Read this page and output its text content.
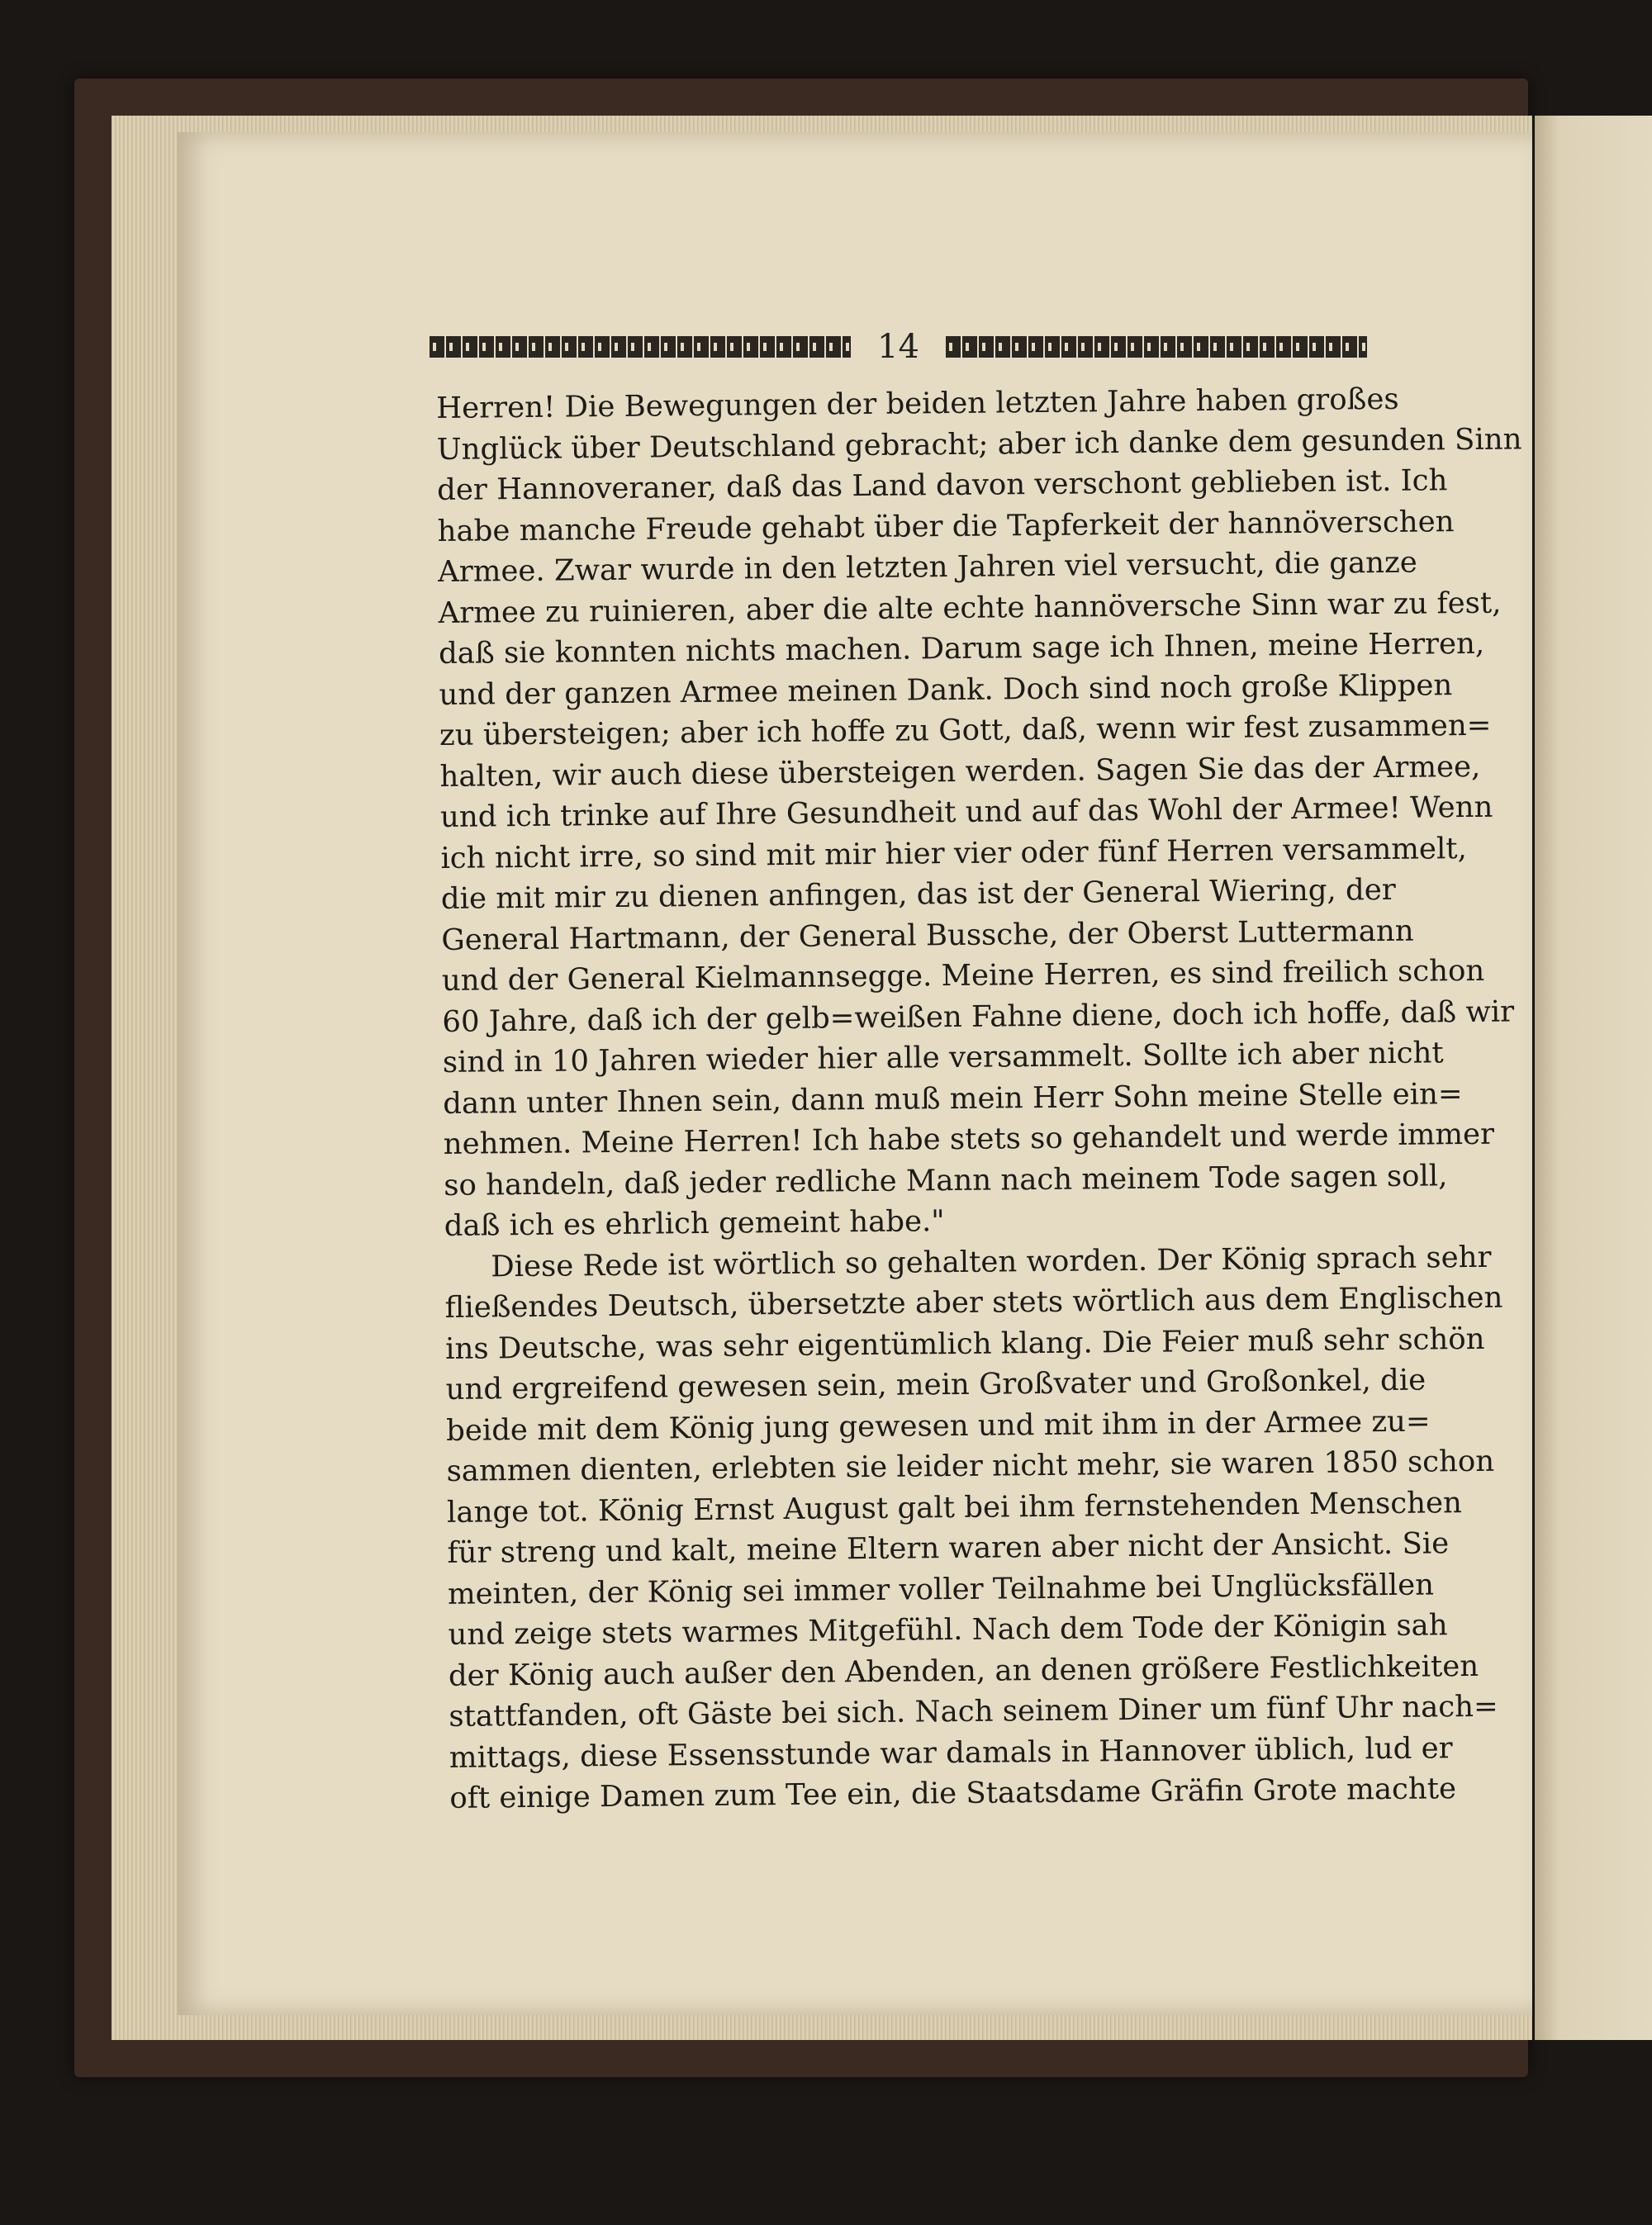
14
Herren! Die Bewegungen der beiden letzten Jahre haben großes
Unglück über Deutschland gebracht; aber ich danke dem gesunden Sinn
der Hannoveraner, daß das Land davon verschont geblieben ist. Ich
habe manche Freude gehabt über die Tapferkeit der hannöverschen
Armee. Zwar wurde in den letzten Jahren viel versucht, die ganze
Armee zu ruinieren, aber die alte echte hannöversche Sinn war zu fest,
daß sie konnten nichts machen. Darum sage ich Ihnen, meine Herren,
und der ganzen Armee meinen Dank. Doch sind noch große Klippen
zu übersteigen; aber ich hoffe zu Gott, daß, wenn wir fest zusammen=
halten, wir auch diese übersteigen werden. Sagen Sie das der Armee,
und ich trinke auf Ihre Gesundheit und auf das Wohl der Armee! Wenn
ich nicht irre, so sind mit mir hier vier oder fünf Herren versammelt,
die mit mir zu dienen anfingen, das ist der General Wiering, der
General Hartmann, der General Bussche, der Oberst Luttermann
und der General Kielmannsegge. Meine Herren, es sind freilich schon
60 Jahre, daß ich der gelb=weißen Fahne diene, doch ich hoffe, daß wir
sind in 10 Jahren wieder hier alle versammelt. Sollte ich aber nicht
dann unter Ihnen sein, dann muß mein Herr Sohn meine Stelle ein=
nehmen. Meine Herren! Ich habe stets so gehandelt und werde immer
so handeln, daß jeder redliche Mann nach meinem Tode sagen soll,
daß ich es ehrlich gemeint habe."
Diese Rede ist wörtlich so gehalten worden. Der König sprach sehr
fließendes Deutsch, übersetzte aber stets wörtlich aus dem Englischen
ins Deutsche, was sehr eigentümlich klang. Die Feier muß sehr schön
und ergreifend gewesen sein, mein Großvater und Großonkel, die
beide mit dem König jung gewesen und mit ihm in der Armee zu=
sammen dienten, erlebten sie leider nicht mehr, sie waren 1850 schon
lange tot. König Ernst August galt bei ihm fernstehenden Menschen
für streng und kalt, meine Eltern waren aber nicht der Ansicht. Sie
meinten, der König sei immer voller Teilnahme bei Unglücksfällen
und zeige stets warmes Mitgefühl. Nach dem Tode der Königin sah
der König auch außer den Abenden, an denen größere Festlichkeiten
stattfanden, oft Gäste bei sich. Nach seinem Diner um fünf Uhr nach=
mittags, diese Essensstunde war damals in Hannover üblich, lud er
oft einige Damen zum Tee ein, die Staatsdame Gräfin Grote machte
